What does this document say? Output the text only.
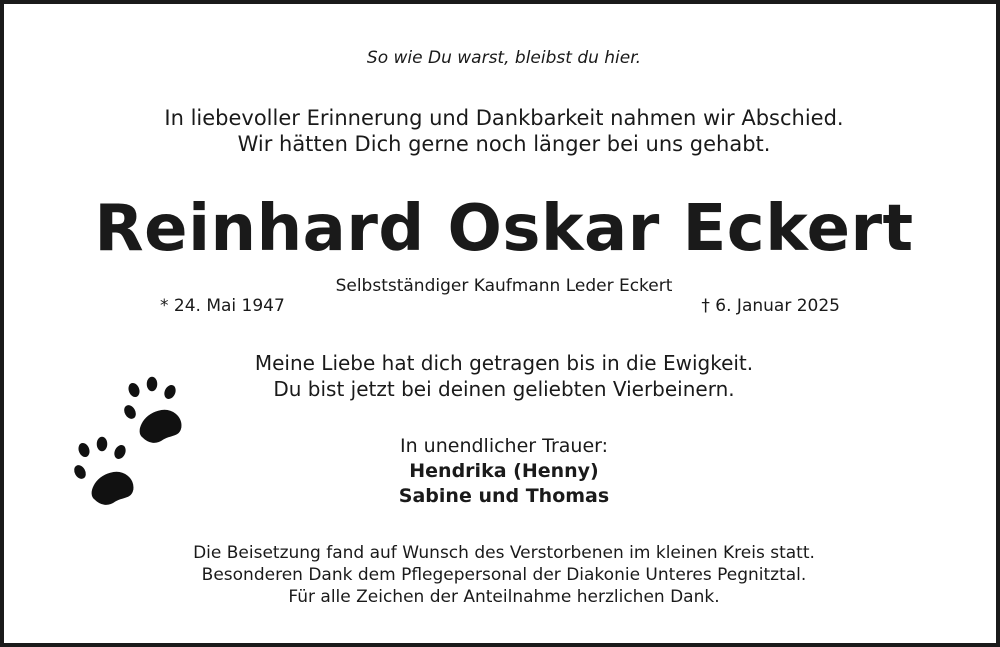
So wie Du warst, bleibst du hier.
In liebevoller Erinnerung und Dankbarkeit nahmen wir Abschied.
Wir hätten Dich gerne noch länger bei uns gehabt.
Reinhard Oskar Eckert
Selbstständiger Kaufmann Leder Eckert
* 24. Mai 1947	† 6. Januar 2025
Meine Liebe hat dich getragen bis in die Ewigkeit.
Du bist jetzt bei deinen geliebten Vierbeinern.
In unendlicher Trauer:
Hendrika (Henny)
Sabine und Thomas
Die Beisetzung fand auf Wunsch des Verstorbenen im kleinen Kreis statt.
Besonderen Dank dem Pflegepersonal der Diakonie Unteres Pegnitztal.
Für alle Zeichen der Anteilnahme herzlichen Dank.
